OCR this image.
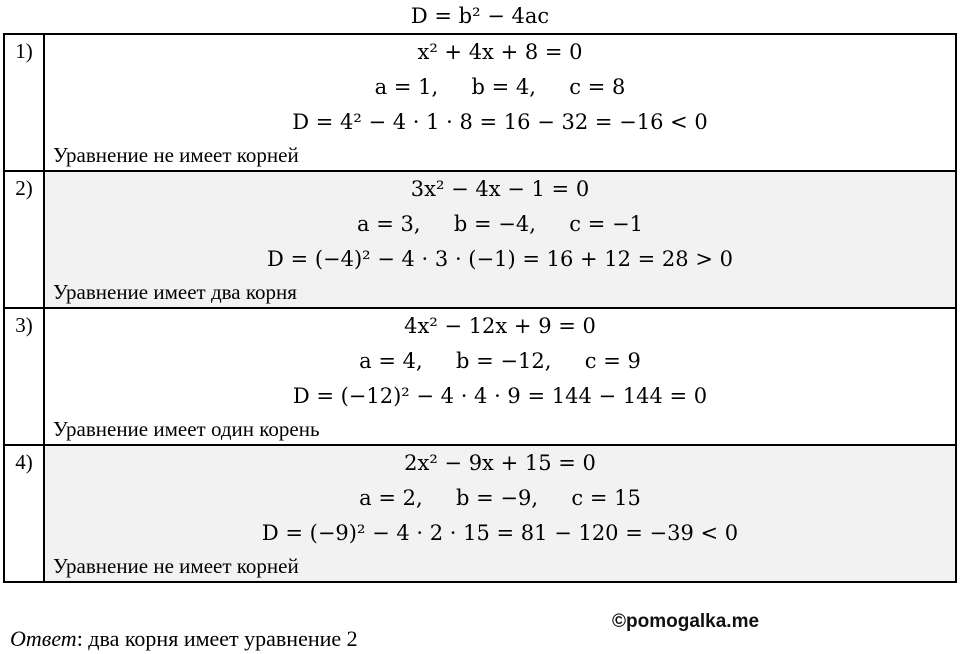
D = b² − 4ac
1)	x² + 4x + 8 = 0
a = 1,     b = 4,     c = 8
D = 4² − 4 · 1 · 8 = 16 − 32 = −16 < 0
Уравнение не имеет корней

2)	3x² − 4x − 1 = 0
a = 3,     b = −4,     c = −1
D = (−4)² − 4 · 3 · (−1) = 16 + 12 = 28 > 0
Уравнение имеет два корня

3)	4x² − 12x + 9 = 0
a = 4,     b = −12,     c = 9
D = (−12)² − 4 · 4 · 9 = 144 − 144 = 0
Уравнение имеет один корень

4)	2x² − 9x + 15 = 0
a = 2,     b = −9,     c = 15
D = (−9)² − 4 · 2 · 15 = 81 − 120 = −39 < 0
Уравнение не имеет корней
©pomogalka.me
Ответ: два корня имеет уравнение 2
